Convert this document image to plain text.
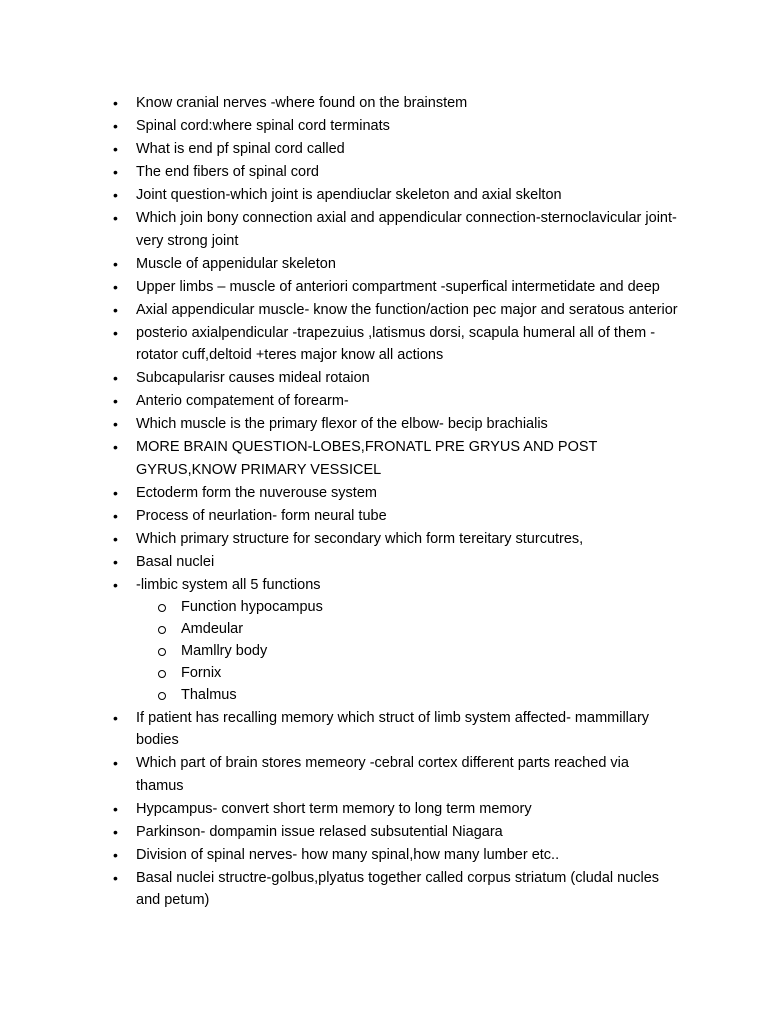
• Know cranial nerves -where found on the brainstem
• Spinal cord:where spinal cord terminats
• What is end pf spinal cord called
• The end fibers of spinal cord
• Joint question-which joint is apendiuclar skeleton and axial skelton
• Which join bony connection axial and appendicular connection-sternoclavicular joint-very strong joint
• Muscle of appenidular skeleton
• Upper limbs – muscle of anteriori compartment -superfical intermetidate and deep
• Axial appendicular muscle- know the function/action pec major and seratous anterior
• posterio axialpendicular -trapezuius ,latismus dorsi, scapula humeral all of them -rotator cuff,deltoid +teres major know all actions
• Subcapularisr causes mideal rotaion
• Anterio compatement of forearm-
• Which muscle is the primary flexor of the elbow- becip brachialis
• MORE BRAIN QUESTION-LOBES,FRONATL PRE GRYUS AND POST GYRUS,KNOW PRIMARY VESSICEL
• Ectoderm form the nuverouse system
• Process of neurlation- form neural tube
• Which primary structure for secondary which form tereitary sturcutres,
• Basal nuclei
• -limbic system all 5 functions
Function hypocampus
Amdeular
Mamllry body
Fornix
Thalmus
• If patient has recalling memory which struct of limb system affected- mammillary bodies
• Which part of brain stores memeory -cebral cortex different parts reached via thamus
• Hypcampus- convert short term memory to long term memory
• Parkinson- dompamin issue relased subsutential Niagara
• Division of spinal nerves- how many spinal,how many lumber etc..
• Basal nuclei structre-golbus,plyatus together called corpus striatum (cludal nucles and petum)
